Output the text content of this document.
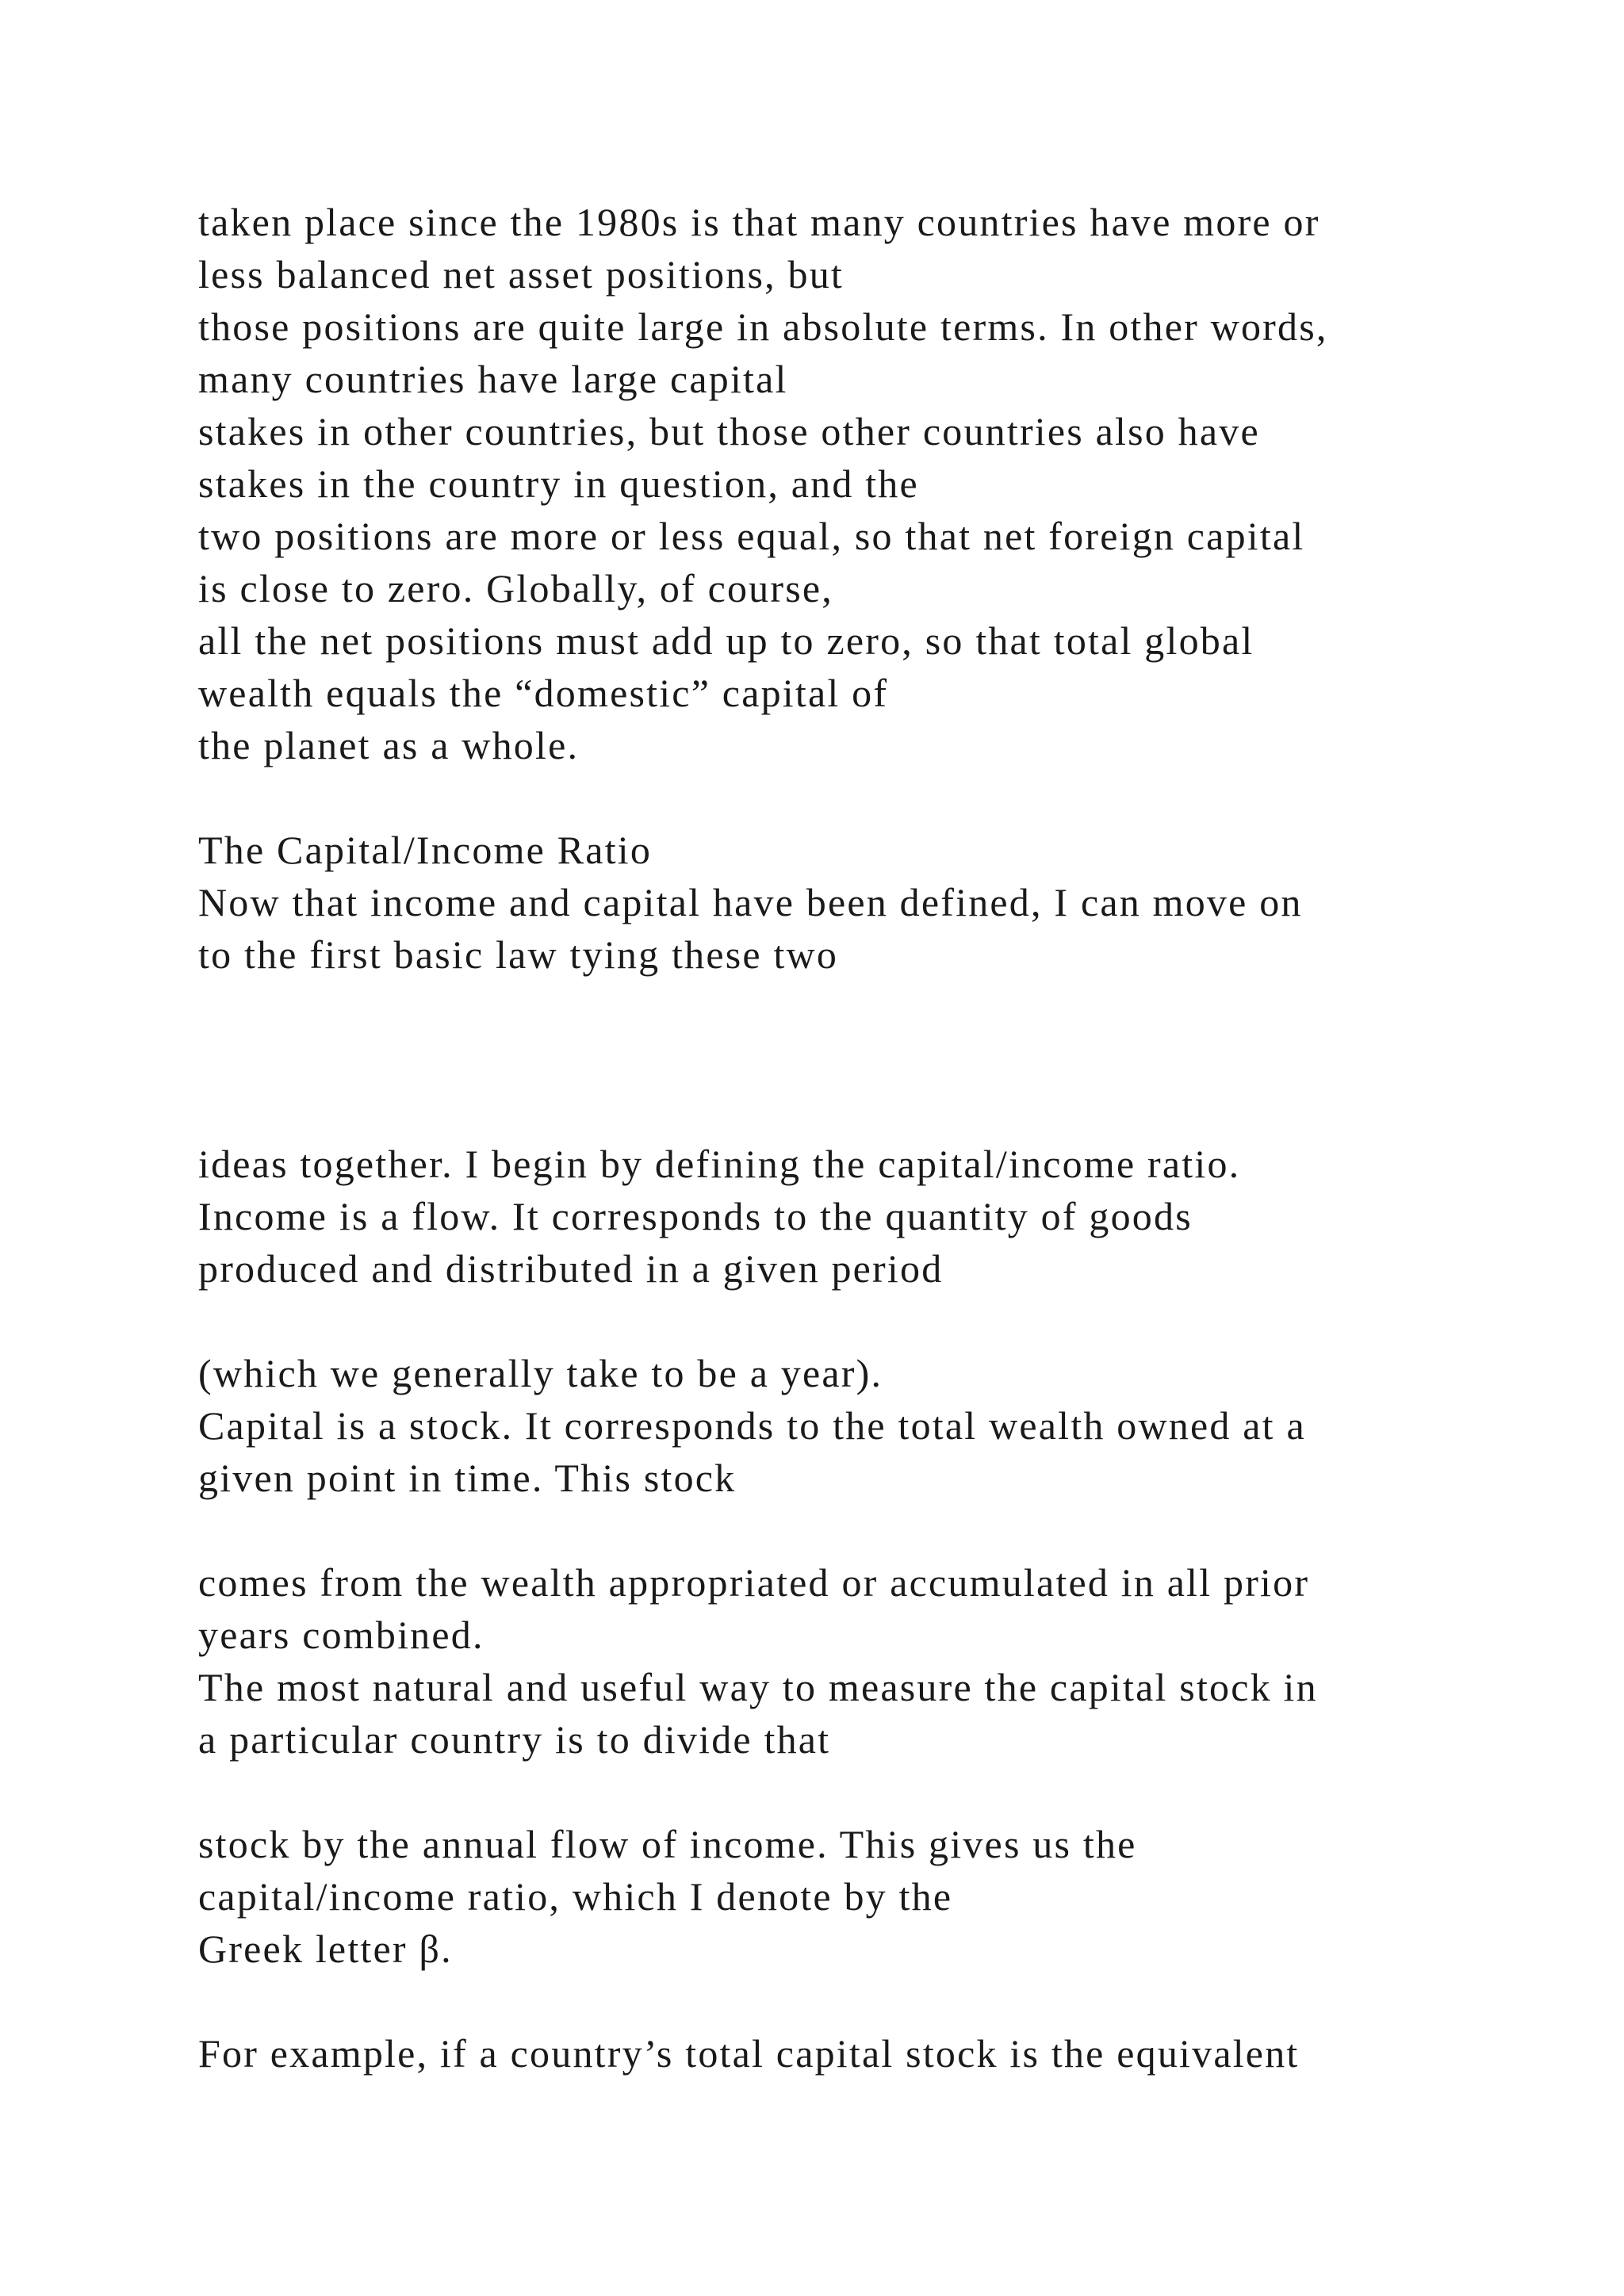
taken place since the 1980s is that many countries have more or

less balanced net asset positions, but

those positions are quite large in absolute terms. In other words,

many countries have large capital

stakes in other countries, but those other countries also have

stakes in the country in question, and the

two positions are more or less equal, so that net foreign capital

is close to zero. Globally, of course,

all the net positions must add up to zero, so that total global

wealth equals the “domestic” capital of

the planet as a whole.

The Capital/Income Ratio

Now that income and capital have been defined, I can move on

to the first basic law tying these two

ideas together. I begin by defining the capital/income ratio.

Income is a flow. It corresponds to the quantity of goods

produced and distributed in a given period

(which we generally take to be a year).

Capital is a stock. It corresponds to the total wealth owned at a

given point in time. This stock

comes from the wealth appropriated or accumulated in all prior

years combined.

The most natural and useful way to measure the capital stock in

a particular country is to divide that

stock by the annual flow of income. This gives us the

capital/income ratio, which I denote by the

Greek letter β.

For example, if a country’s total capital stock is the equivalent
